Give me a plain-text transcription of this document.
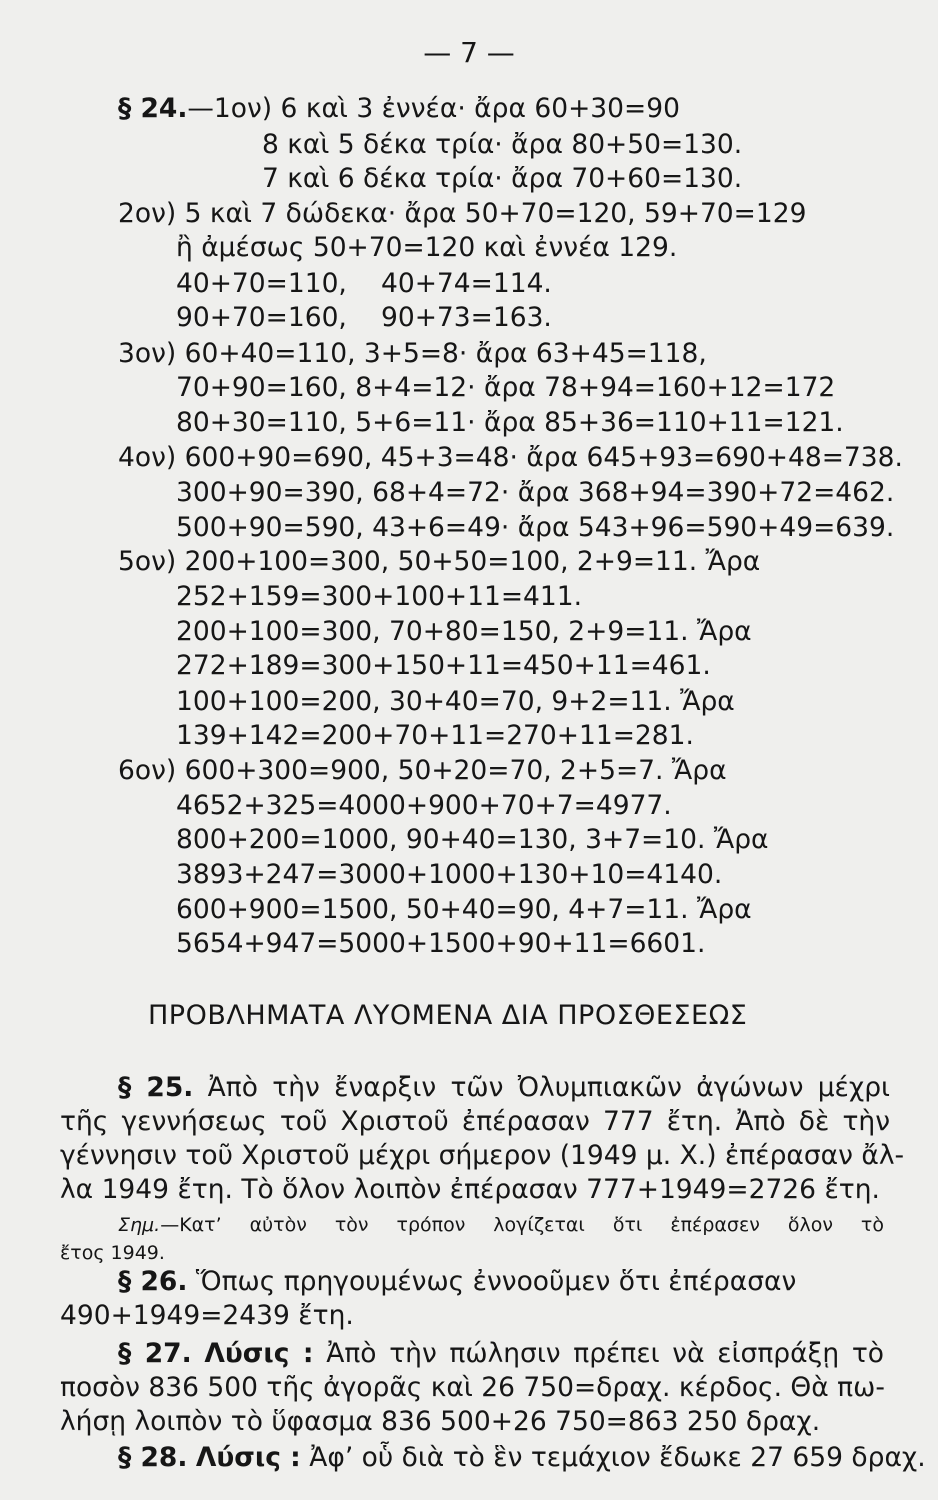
— 7 —
§ 24.—1ον) 6 καὶ 3 ἐννέα· ἄρα 60+30=90
8 καὶ 5 δέκα τρία· ἄρα 80+50=130.
7 καὶ 6 δέκα τρία· ἄρα 70+60=130.
2ον) 5 καὶ 7 δώδεκα· ἄρα 50+70=120, 59+70=129
ἢ ἀμέσως 50+70=120 καὶ ἐννέα 129.
40+70=110, 40+74=114.
90+70=160, 90+73=163.
3ον) 60+40=110, 3+5=8· ἄρα 63+45=118,
70+90=160, 8+4=12· ἄρα 78+94=160+12=172
80+30=110, 5+6=11· ἄρα 85+36=110+11=121.
4ον) 600+90=690, 45+3=48· ἄρα 645+93=690+48=738.
300+90=390, 68+4=72· ἄρα 368+94=390+72=462.
500+90=590, 43+6=49· ἄρα 543+96=590+49=639.
5ον) 200+100=300, 50+50=100, 2+9=11. Ἄρα
252+159=300+100+11=411.
200+100=300, 70+80=150, 2+9=11. Ἄρα
272+189=300+150+11=450+11=461.
100+100=200, 30+40=70, 9+2=11. Ἄρα
139+142=200+70+11=270+11=281.
6ον) 600+300=900, 50+20=70, 2+5=7. Ἄρα
4652+325=4000+900+70+7=4977.
800+200=1000, 90+40=130, 3+7=10. Ἄρα
3893+247=3000+1000+130+10=4140.
600+900=1500, 50+40=90, 4+7=11. Ἄρα
5654+947=5000+1500+90+11=6601.
ΠΡΟΒΛΗΜΑΤΑ ΛΥΟΜΕΝΑ ΔΙΑ ΠΡΟΣΘΕΣΕΩΣ
§ 25. Ἀπὸ τὴν ἔναρξιν τῶν Ὀλυμπιακῶν ἀγώνων μέχρι
τῆς γεννήσεως τοῦ Χριστοῦ ἐπέρασαν 777 ἔτη. Ἀπὸ δὲ τὴν
γέννησιν τοῦ Χριστοῦ μέχρι σήμερον (1949 μ. Χ.) ἐπέρασαν ἄλ-
λα 1949 ἔτη. Τὸ ὅλον λοιπὸν ἐπέρασαν 777+1949=2726 ἔτη.
Σημ.—Κατ’ αὐτὸν τὸν τρόπον λογίζεται ὅτι ἐπέρασεν ὅλον τὸ
ἔτος 1949.
§ 26. Ὅπως πρηγουμένως ἐννοοῦμεν ὅτι ἐπέρασαν
490+1949=2439 ἔτη.
§ 27. Λύσις : Ἀπὸ τὴν πώλησιν πρέπει νὰ εἰσπράξῃ τὸ
ποσὸν 836 500 τῆς ἀγορᾶς καὶ 26 750=δραχ. κέρδος. Θὰ πω-
λήσῃ λοιπὸν τὸ ὕφασμα 836 500+26 750=863 250 δραχ.
§ 28. Λύσις : Ἀφ’ οὗ διὰ τὸ ἓν τεμάχιον ἔδωκε 27 659 δραχ.
